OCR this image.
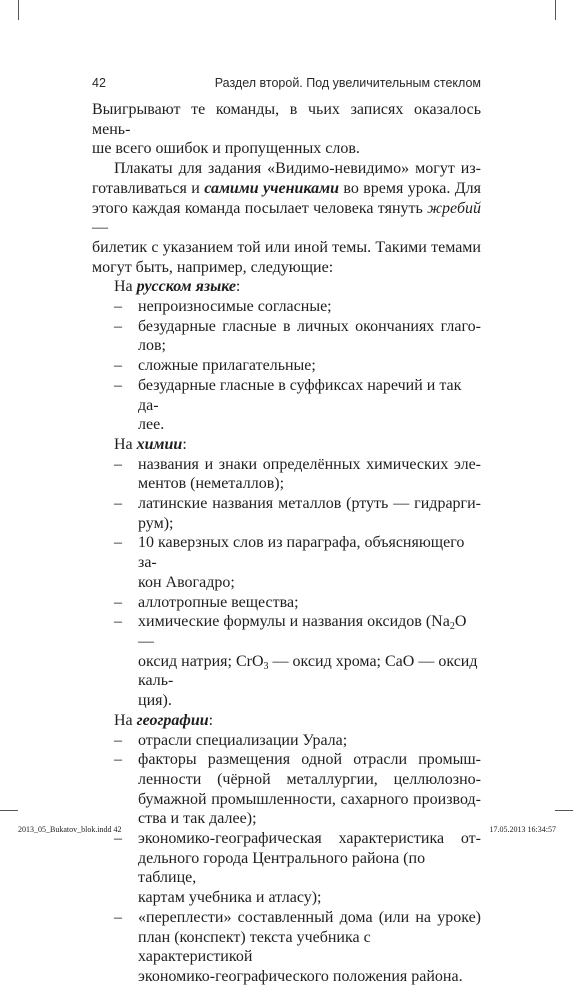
42	Раздел второй. Под увеличительным стеклом

Выигрывают те команды, в чьих записях оказалось мень-
ше всего ошибок и пропущенных слов.

Плакаты для задания «Видимо-невидимо» могут из-
готавливаться и самими учениками во время урока. Для
этого каждая команда посылает человека тянуть жребий —
билетик с указанием той или иной темы. Такими темами
могут быть, например, следующие:

На русском языке:

– непроизносимые согласные;
– безударные гласные в личных окончаниях глаго-
лов;
– сложные прилагательные;
– безударные гласные в суффиксах наречий и так да-
лее.

На химии:

– названия и знаки определённых химических эле-
ментов (неметаллов);
– латинские названия металлов (ртуть — гидрарги-
рум);
– 10 каверзных слов из параграфа, объясняющего за-
кон Авогадро;
– аллотропные вещества;
– химические формулы и названия оксидов ($Na_2O$ —
оксид натрия; CrO$_3$ — оксид хрома; CaO — оксид каль-
ция).

На географии:

– отрасли специализации Урала;
– факторы размещения одной отрасли промыш-
ленности (чёрной металлургии, целлюлозно-
бумажной промышленности, сахарного производ-
ства и так далее);
– экономико-географическая характеристика от-
дельного города Центрального района (по таблице,
картам учебника и атласу);
– «переплести» составленный дома (или на уроке)
план (конспект) текста учебника с характеристикой
экономико-географического положения района.
2013_05_Bukatov_blok.indd 42	17.05.2013 16:34:57
